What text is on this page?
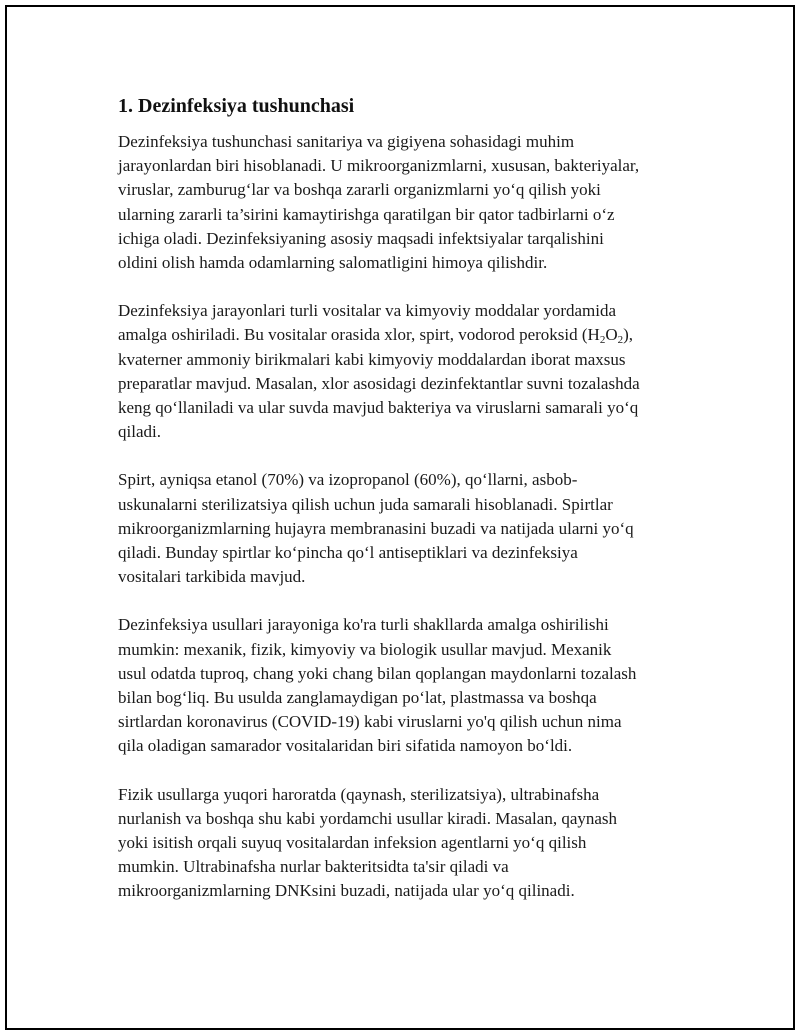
1. Dezinfeksiya tushunchasi
Dezinfeksiya tushunchasi sanitariya va gigiyena sohasidagi muhim
jarayonlardan biri hisoblanadi. U mikroorganizmlarni, xususan, bakteriyalar,
viruslar, zamburug‘lar va boshqa zararli organizmlarni yo‘q qilish yoki
ularning zararli ta’sirini kamaytirishga qaratilgan bir qator tadbirlarni o‘z
ichiga oladi. Dezinfeksiyaning asosiy maqsadi infektsiyalar tarqalishini
oldini olish hamda odamlarning salomatligini himoya qilishdir.
Dezinfeksiya jarayonlari turli vositalar va kimyoviy moddalar yordamida
amalga oshiriladi. Bu vositalar orasida xlor, spirt, vodorod peroksid $(H_2O_2)$,
kvaterner ammoniy birikmalari kabi kimyoviy moddalardan iborat maxsus
preparatlar mavjud. Masalan, xlor asosidagi dezinfektantlar suvni tozalashda
keng qo‘llaniladi va ular suvda mavjud bakteriya va viruslarni samarali yo‘q
qiladi.
Spirt, ayniqsa etanol (70%) va izopropanol (60%), qo‘llarni, asbob-
uskunalarni sterilizatsiya qilish uchun juda samarali hisoblanadi. Spirtlar
mikroorganizmlarning hujayra membranasini buzadi va natijada ularni yo‘q
qiladi. Bunday spirtlar ko‘pincha qo‘l antiseptiklari va dezinfeksiya
vositalari tarkibida mavjud.
Dezinfeksiya usullari jarayoniga ko'ra turli shakllarda amalga oshirilishi
mumkin: mexanik, fizik, kimyoviy va biologik usullar mavjud. Mexanik
usul odatda tuproq, chang yoki chang bilan qoplangan maydonlarni tozalash
bilan bog‘liq. Bu usulda zanglamaydigan po‘lat, plastmassa va boshqa
sirtlardan koronavirus (COVID-19) kabi viruslarni yo'q qilish uchun nima
qila oladigan samarador vositalaridan biri sifatida namoyon bo‘ldi.
Fizik usullarga yuqori haroratda (qaynash, sterilizatsiya), ultrabinafsha
nurlanish va boshqa shu kabi yordamchi usullar kiradi. Masalan, qaynash
yoki isitish orqali suyuq vositalardan infeksion agentlarni yo‘q qilish
mumkin. Ultrabinafsha nurlar bakteritsidta ta'sir qiladi va
mikroorganizmlarning DNKsini buzadi, natijada ular yo‘q qilinadi.
